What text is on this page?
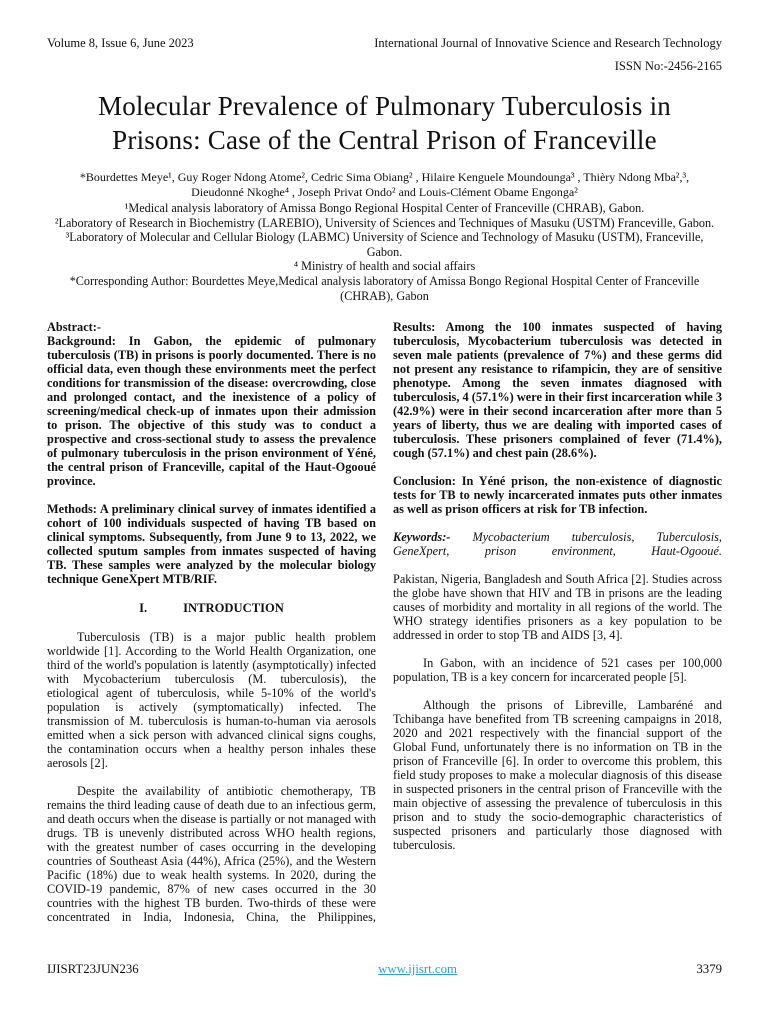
Volume 8, Issue 6, June 2023	International Journal of Innovative Science and Research Technology
ISSN No:-2456-2165
Molecular Prevalence of Pulmonary Tuberculosis in
Prisons: Case of the Central Prison of Franceville
*Bourdettes Meye¹, Guy Roger Ndong Atome², Cedric Sima Obiang² , Hilaire Kenguele Moundounga³ , Thièry Ndong Mba²,³,
Dieudonné Nkoghe⁴ , Joseph Privat Ondo² and Louis-Clément Obame Engonga²
¹Medical analysis laboratory of Amissa Bongo Regional Hospital Center of Franceville (CHRAB), Gabon.
²Laboratory of Research in Biochemistry (LAREBIO), University of Sciences and Techniques of Masuku (USTM) Franceville, Gabon.
³Laboratory of Molecular and Cellular Biology (LABMC) University of Science and Technology of Masuku (USTM), Franceville, Gabon.
⁴ Ministry of health and social affairs
*Corresponding Author: Bourdettes Meye,Medical analysis laboratory of Amissa Bongo Regional Hospital Center of Franceville (CHRAB), Gabon
Abstract:-

Background: In Gabon, the epidemic of pulmonary tuberculosis (TB) in prisons is poorly documented. There is no official data, even though these environments meet the perfect conditions for transmission of the disease: overcrowding, close and prolonged contact, and the inexistence of a policy of screening/medical check-up of inmates upon their admission to prison. The objective of this study was to conduct a prospective and cross-sectional study to assess the prevalence of pulmonary tuberculosis in the prison environment of Yéné, the central prison of Franceville, capital of the Haut-Ogooué province.

Methods: A preliminary clinical survey of inmates identified a cohort of 100 individuals suspected of having TB based on clinical symptoms. Subsequently, from June 9 to 13, 2022, we collected sputum samples from inmates suspected of having TB. These samples were analyzed by the molecular biology technique GeneXpert MTB/RIF.

I.	INTRODUCTION

Tuberculosis (TB) is a major public health problem worldwide [1]. According to the World Health Organization, one third of the world's population is latently (asymptotically) infected with Mycobacterium tuberculosis (M. tuberculosis), the etiological agent of tuberculosis, while 5-10% of the world's population is actively (symptomatically) infected. The transmission of M. tuberculosis is human-to-human via aerosols emitted when a sick person with advanced clinical signs coughs, the contamination occurs when a healthy person inhales these aerosols [2].

Despite the availability of antibiotic chemotherapy, TB remains the third leading cause of death due to an infectious germ, and death occurs when the disease is partially or not managed with drugs. TB is unevenly distributed across WHO health regions, with the greatest number of cases occurring in the developing countries of Southeast Asia (44%), Africa (25%), and the Western Pacific (18%) due to weak health systems. In 2020, during the COVID-19 pandemic, 87% of new cases occurred in the 30 countries with the highest TB burden. Two-thirds of these were concentrated in India, Indonesia, China, the Philippines,

Results: Among the 100 inmates suspected of having tuberculosis, Mycobacterium tuberculosis was detected in seven male patients (prevalence of 7%) and these germs did not present any resistance to rifampicin, they are of sensitive phenotype. Among the seven inmates diagnosed with tuberculosis, 4 (57.1%) were in their first incarceration while 3 (42.9%) were in their second incarceration after more than 5 years of liberty, thus we are dealing with imported cases of tuberculosis. These prisoners complained of fever (71.4%), cough (57.1%) and chest pain (28.6%).

Conclusion: In Yéné prison, the non-existence of diagnostic tests for TB to newly incarcerated inmates puts other inmates as well as prison officers at risk for TB infection.

Keywords:- Mycobacterium tuberculosis, Tuberculosis, GeneXpert, prison environment, Haut-Ogooué.

Pakistan, Nigeria, Bangladesh and South Africa [2]. Studies across the globe have shown that HIV and TB in prisons are the leading causes of morbidity and mortality in all regions of the world. The WHO strategy identifies prisoners as a key population to be addressed in order to stop TB and AIDS [3, 4].

In Gabon, with an incidence of 521 cases per 100,000 population, TB is a key concern for incarcerated people [5].

Although the prisons of Libreville, Lambaréné and Tchibanga have benefited from TB screening campaigns in 2018, 2020 and 2021 respectively with the financial support of the Global Fund, unfortunately there is no information on TB in the prison of Franceville [6]. In order to overcome this problem, this field study proposes to make a molecular diagnosis of this disease in suspected prisoners in the central prison of Franceville with the main objective of assessing the prevalence of tuberculosis in this prison and to study the socio-demographic characteristics of suspected prisoners and particularly those diagnosed with tuberculosis.

IJISRT23JUN236	www.ijisrt.com	3379
